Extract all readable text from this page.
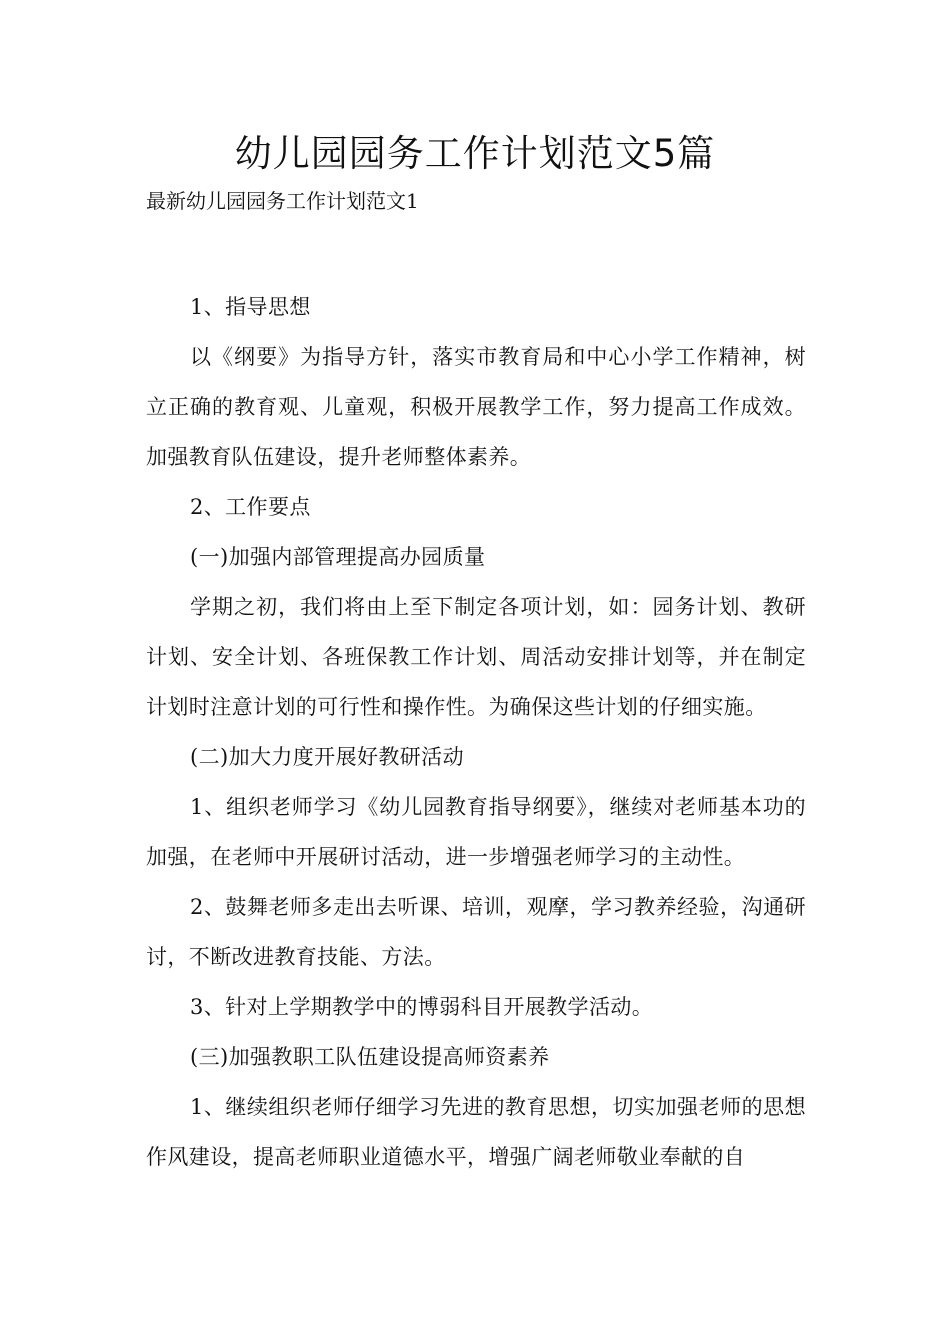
幼儿园园务工作计划范文5篇
最新幼儿园园务工作计划范文1

1、指导思想

以《纲要》为指导方针，落实市教育局和中心小学工作精神，树立正确的教育观、儿童观，积极开展教学工作，努力提高工作成效。加强教育队伍建设，提升老师整体素养。

2、工作要点

(一)加强内部管理提高办园质量

学期之初，我们将由上至下制定各项计划，如：园务计划、教研计划、安全计划、各班保教工作计划、周活动安排计划等，并在制定计划时注意计划的可行性和操作性。为确保这些计划的仔细实施。

(二)加大力度开展好教研活动

1、组织老师学习《幼儿园教育指导纲要》，继续对老师基本功的加强，在老师中开展研讨活动，进一步增强老师学习的主动性。

2、鼓舞老师多走出去听课、培训，观摩，学习教养经验，沟通研讨，不断改进教育技能、方法。

3、针对上学期教学中的博弱科目开展教学活动。

(三)加强教职工队伍建设提高师资素养

1、继续组织老师仔细学习先进的教育思想，切实加强老师的思想作风建设，提高老师职业道德水平，增强广阔老师敬业奉献的自
